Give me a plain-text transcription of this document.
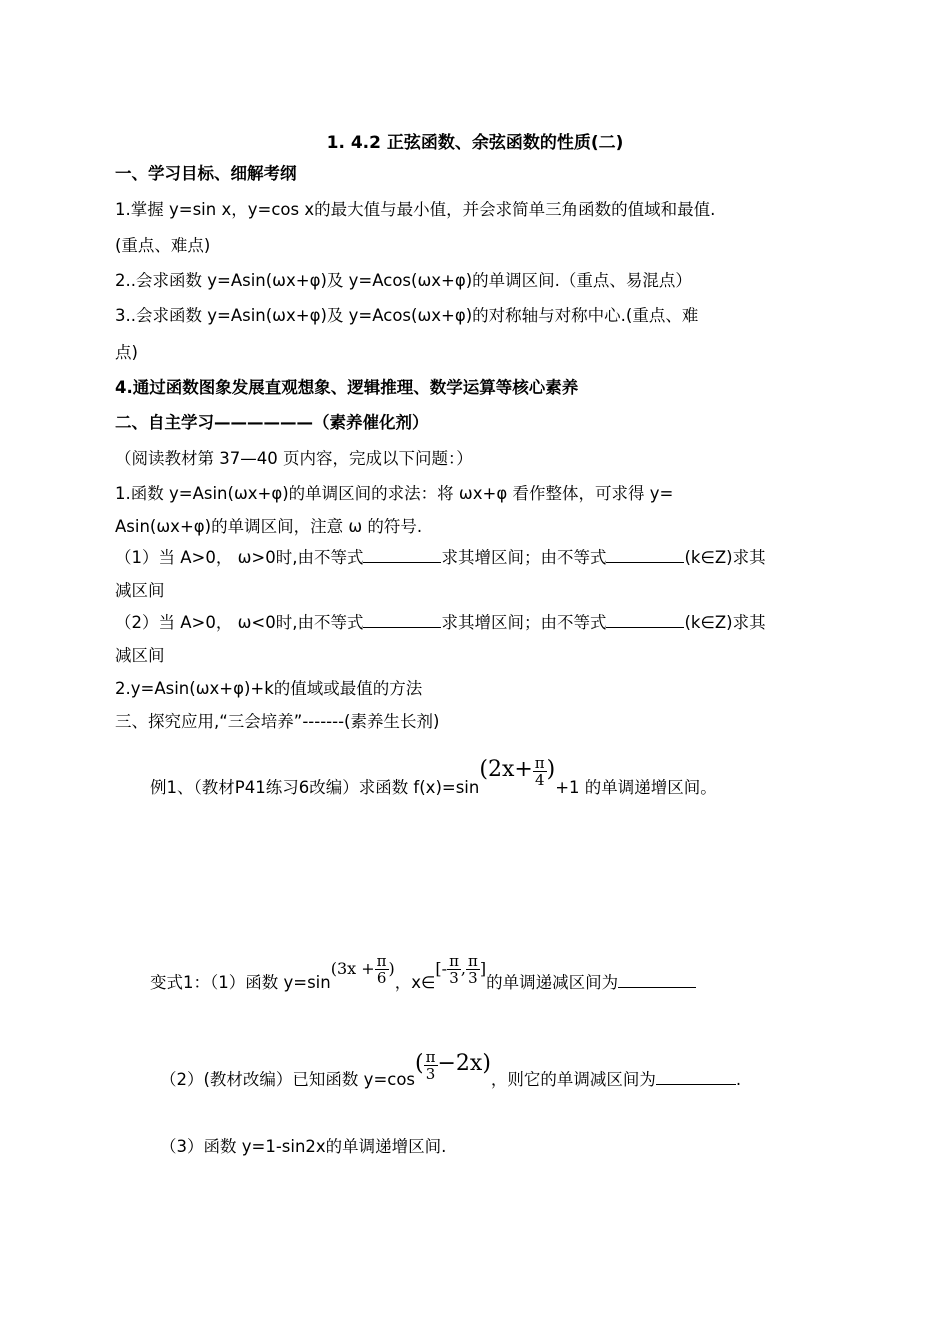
1. 4.2 正弦函数、余弦函数的性质(二)
一、学习目标、细解考纲
1.掌握 y=sin x，y=cos x的最大值与最小值，并会求简单三角函数的值域和最值.
(重点、难点)
2..会求函数 y=Asin(ωx+φ)及 y=Acos(ωx+φ)的单调区间.（重点、易混点）
3..会求函数 y=Asin(ωx+φ)及 y=Acos(ωx+φ)的对称轴与对称中心.(重点、难
点)
4.通过函数图象发展直观想象、逻辑推理、数学运算等核心素养
二、自主学习——————（素养催化剂）
（阅读教材第 37—40 页内容，完成以下问题：）
1.函数 y=Asin(ωx+φ)的单调区间的求法：将 ωx+φ 看作整体，可求得 y=
Asin(ωx+φ)的单调区间，注意 ω 的符号.
（1）当 A>0， ω>0时,由不等式	求其增区间；由不等式	(k∈Z)求其
减区间
（2）当 A>0， ω<0时,由不等式	求其增区间；由不等式	(k∈Z)求其
减区间
2.y=Asin(ωx+φ)+k的值域或最值的方法
三、探究应用,“三会培养”-------(素养生长剂)
例1、（教材P41练习6改编）求函数 $f(x)=\sin(2x+ \frac{\pi}{4} )+1$ 的单调递增区间。
变式1：（1）函数 $y=\sin(3x + \frac{\pi}{6}$ )，x∈[- $\frac{\pi}{3}$ , $\frac{\pi}{3}$ ]的单调递减区间为
（2）(教材改编）已知函数 $y=\cos( \frac{\pi}{3} -2x)$，则它的单调减区间为	.
（3）函数 y=1-sin2x的单调递增区间.
